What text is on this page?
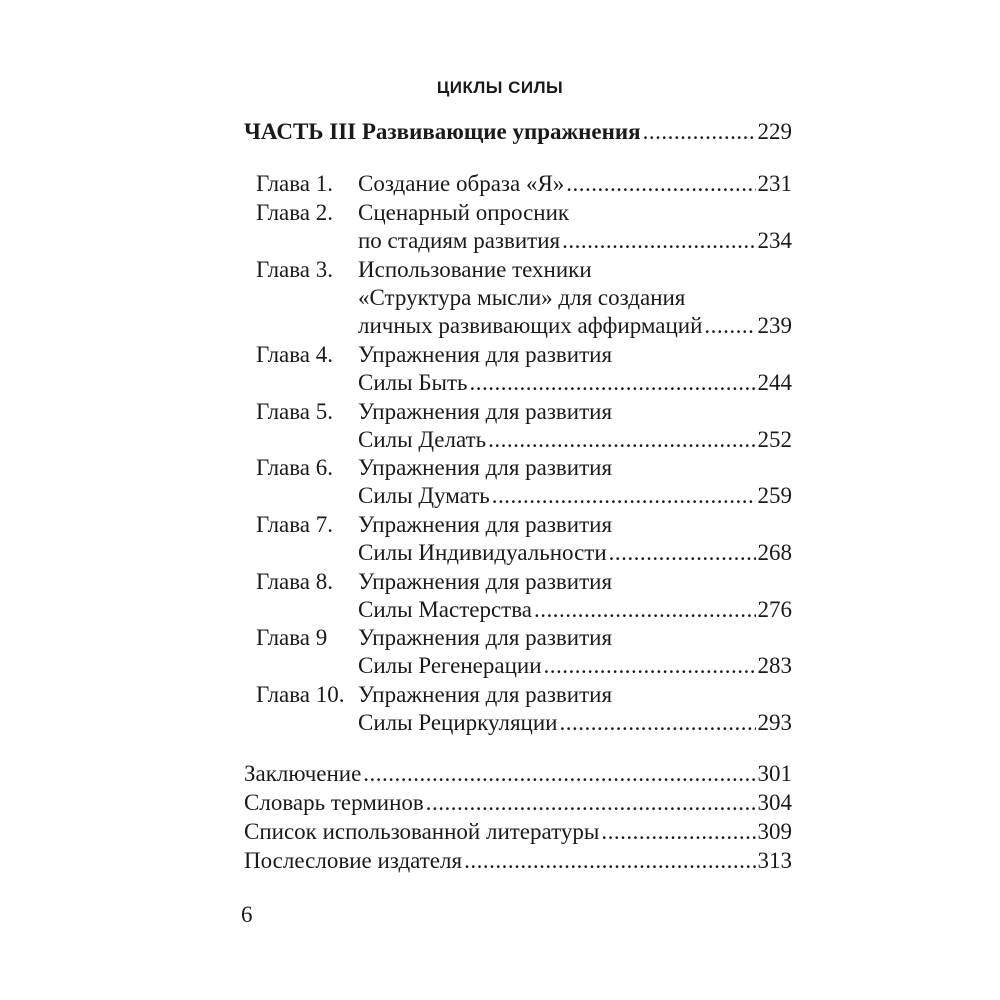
ЦИКЛЫ СИЛЫ
ЧАСТЬ III Развивающие упражнения .....	229
Глава 1. Создание образа «Я» .....	231
Глава 2. Сценарный опросник
по стадиям развития .....	234
Глава 3. Использование техники
«Структура мысли» для создания
личных развивающих аффирмаций ..... 239
Глава 4. Упражнения для развития
Силы Быть .....	244
Глава 5. Упражнения для развития
Силы Делать .....	252
Глава 6. Упражнения для развития
Силы Думать .....	259
Глава 7. Упражнения для развития
Силы Индивидуальности .....	268
Глава 8. Упражнения для развития
Силы Мастерства .....	276
Глава 9 Упражнения для развития
Силы Регенерации .....	283
Глава 10. Упражнения для развития
Силы Рециркуляции .....	293
Заключение .....	301
Словарь терминов .....	304
Список использованной литературы .....	309
Послесловие издателя .....	313
6
